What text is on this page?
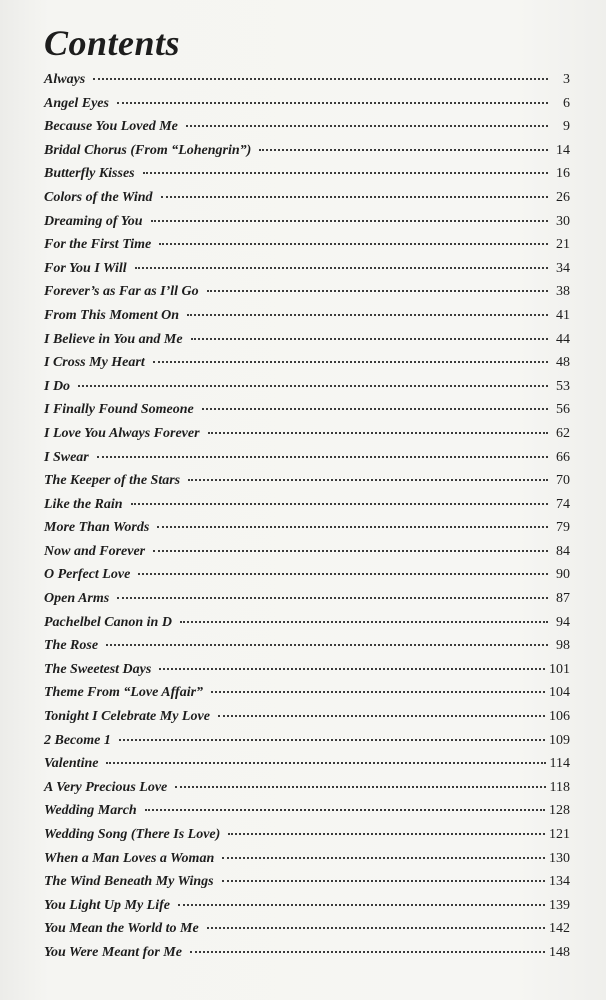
Contents
Always	3
Angel Eyes	6
Because You Loved Me	9
Bridal Chorus (From “Lohengrin”)	14
Butterfly Kisses	16
Colors of the Wind	26
Dreaming of You	30
For the First Time	21
For You I Will	34
Forever’s as Far as I’ll Go	38
From This Moment On	41
I Believe in You and Me	44
I Cross My Heart	48
I Do	53
I Finally Found Someone	56
I Love You Always Forever	62
I Swear	66
The Keeper of the Stars	70
Like the Rain	74
More Than Words	79
Now and Forever	84
O Perfect Love	90
Open Arms	87
Pachelbel Canon in D	94
The Rose	98
The Sweetest Days	101
Theme From “Love Affair”	104
Tonight I Celebrate My Love	106
2 Become 1	109
Valentine	114
A Very Precious Love	118
Wedding March	128
Wedding Song (There Is Love)	121
When a Man Loves a Woman	130
The Wind Beneath My Wings	134
You Light Up My Life	139
You Mean the World to Me	142
You Were Meant for Me	148
